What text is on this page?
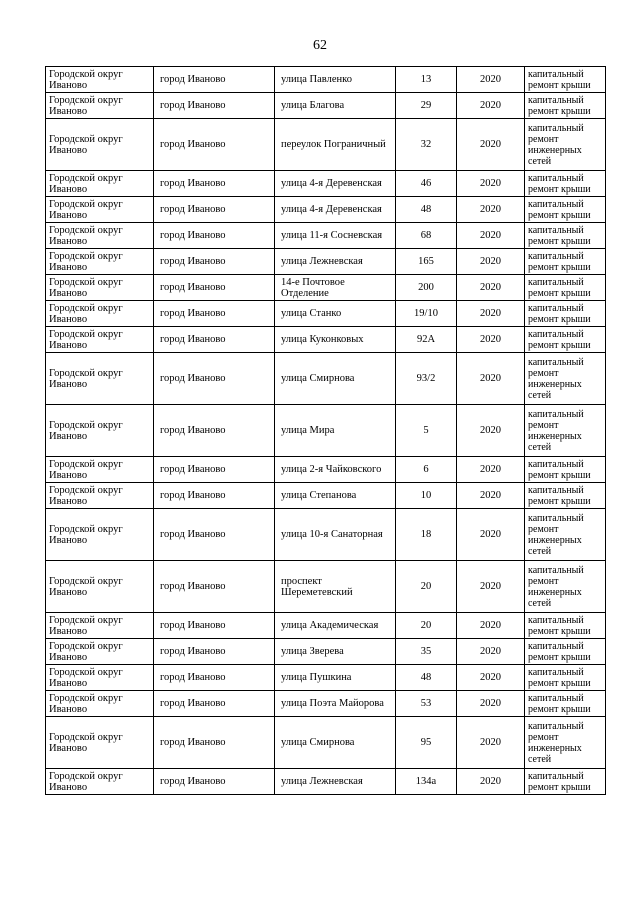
62
Городской округ Иваново	город Иваново	улица Павленко	13	2020	капитальный ремонт крыши
Городской округ Иваново	город Иваново	улица Благова	29	2020	капитальный ремонт крыши
Городской округ Иваново	город Иваново	переулок Пограничный	32	2020	капитальный ремонт инженерных сетей
Городской округ Иваново	город Иваново	улица 4-я Деревенская	46	2020	капитальный ремонт крыши
Городской округ Иваново	город Иваново	улица 4-я Деревенская	48	2020	капитальный ремонт крыши
Городской округ Иваново	город Иваново	улица 11-я Сосневская	68	2020	капитальный ремонт крыши
Городской округ Иваново	город Иваново	улица Лежневская	165	2020	капитальный ремонт крыши
Городской округ Иваново	город Иваново	14-е Почтовое Отделение	200	2020	капитальный ремонт крыши
Городской округ Иваново	город Иваново	улица Станко	19/10	2020	капитальный ремонт крыши
Городской округ Иваново	город Иваново	улица Куконковых	92А	2020	капитальный ремонт крыши
Городской округ Иваново	город Иваново	улица Смирнова	93/2	2020	капитальный ремонт инженерных сетей
Городской округ Иваново	город Иваново	улица Мира	5	2020	капитальный ремонт инженерных сетей
Городской округ Иваново	город Иваново	улица 2-я Чайковского	6	2020	капитальный ремонт крыши
Городской округ Иваново	город Иваново	улица Степанова	10	2020	капитальный ремонт крыши
Городской округ Иваново	город Иваново	улица 10-я Санаторная	18	2020	капитальный ремонт инженерных сетей
Городской округ Иваново	город Иваново	проспект Шереметевский	20	2020	капитальный ремонт инженерных сетей
Городской округ Иваново	город Иваново	улица Академическая	20	2020	капитальный ремонт крыши
Городской округ Иваново	город Иваново	улица Зверева	35	2020	капитальный ремонт крыши
Городской округ Иваново	город Иваново	улица Пушкина	48	2020	капитальный ремонт крыши
Городской округ Иваново	город Иваново	улица Поэта Майорова	53	2020	капитальный ремонт крыши
Городской округ Иваново	город Иваново	улица Смирнова	95	2020	капитальный ремонт инженерных сетей
Городской округ Иваново	город Иваново	улица Лежневская	134а	2020	капитальный ремонт крыши
